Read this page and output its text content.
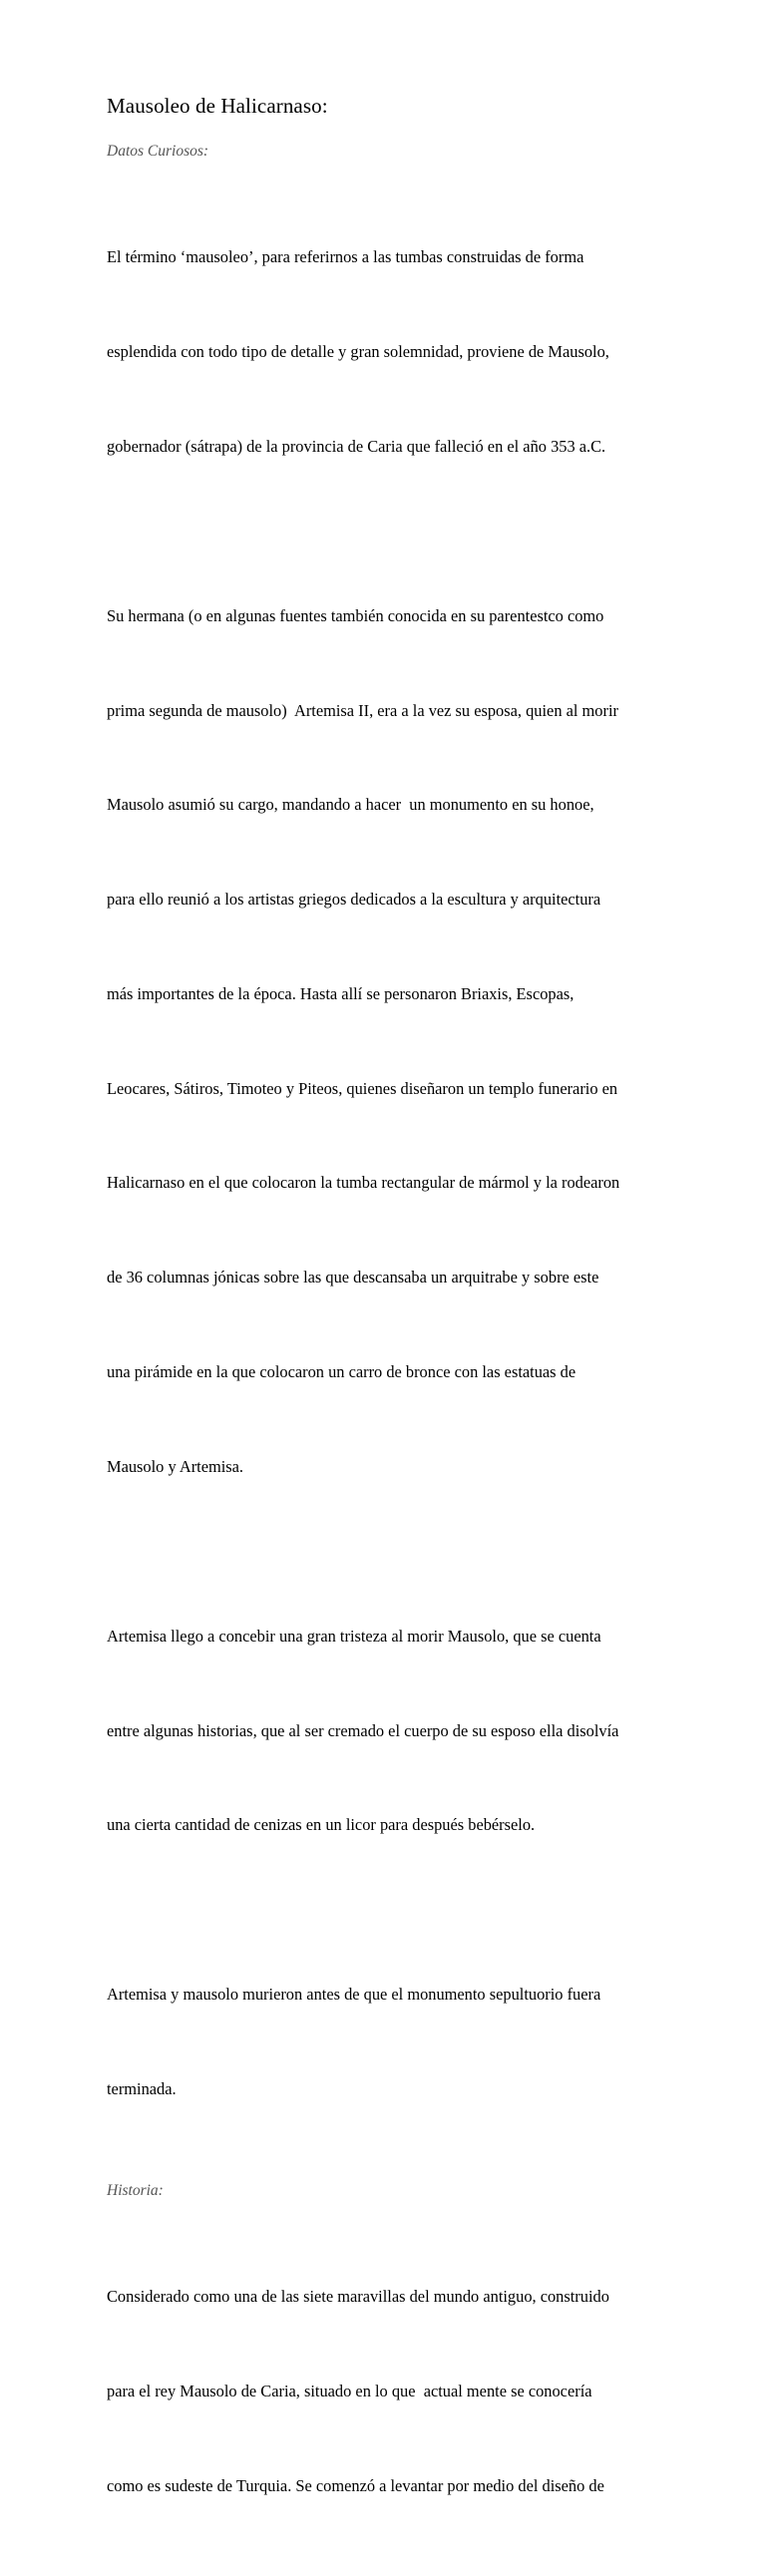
Mausoleo de Halicarnaso:
Datos Curiosos:

El término ‘mausoleo’, para referirnos a las tumbas construidas de forma

esplendida con todo tipo de detalle y gran solemnidad, proviene de Mausolo,

gobernador (sátrapa) de la provincia de Caria que falleció en el año 353 a.C.

Su hermana (o en algunas fuentes también conocida en su parentestco como

prima segunda de mausolo)  Artemisa II, era a la vez su esposa, quien al morir

Mausolo asumió su cargo, mandando a hacer  un monumento en su honoe,

para ello reunió a los artistas griegos dedicados a la escultura y arquitectura

más importantes de la época. Hasta allí se personaron Briaxis, Escopas,

Leocares, Sátiros, Timoteo y Piteos, quienes diseñaron un templo funerario en

Halicarnaso en el que colocaron la tumba rectangular de mármol y la rodearon

de 36 columnas jónicas sobre las que descansaba un arquitrabe y sobre este

una pirámide en la que colocaron un carro de bronce con las estatuas de

Mausolo y Artemisa.

Artemisa llego a concebir una gran tristeza al morir Mausolo, que se cuenta

entre algunas historias, que al ser cremado el cuerpo de su esposo ella disolvía

una cierta cantidad de cenizas en un licor para después bebérselo.

Artemisa y mausolo murieron antes de que el monumento sepultuorio fuera

terminada.

Historia:

Considerado como una de las siete maravillas del mundo antiguo, construido

para el rey Mausolo de Caria, situado en lo que  actual mente se conocería

como es sudeste de Turquia. Se comenzó a levantar por medio del diseño de
